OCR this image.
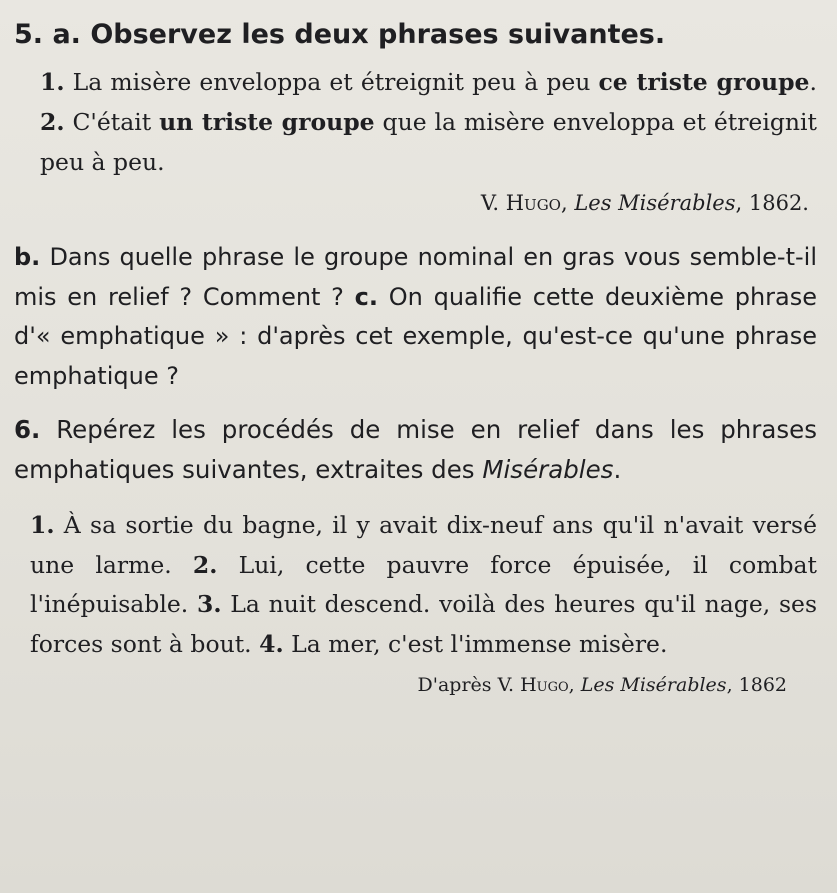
5. a. Observez les deux phrases suivantes.

1. La misère enveloppa et étreignit peu à peu ce triste groupe. 2. C'était un triste groupe que la misère enveloppa et étreignit peu à peu.

V. Hugo, Les Misérables, 1862.

b. Dans quelle phrase le groupe nominal en gras vous semble-t-il mis en relief ? Comment ? c. On qualifie cette deuxième phrase d'« emphatique » : d'après cet exemple, qu'est-ce qu'une phrase emphatique ?

6. Repérez les procédés de mise en relief dans les phrases emphatiques suivantes, extraites des Misérables.

1. À sa sortie du bagne, il y avait dix-neuf ans qu'il n'avait versé une larme. 2. Lui, cette pauvre force épuisée, il combat l'inépuisable. 3. La nuit descend. voilà des heures qu'il nage, ses forces sont à bout. 4. La mer, c'est l'immense misère.

D'après V. Hugo, Les Misérables, 1862
